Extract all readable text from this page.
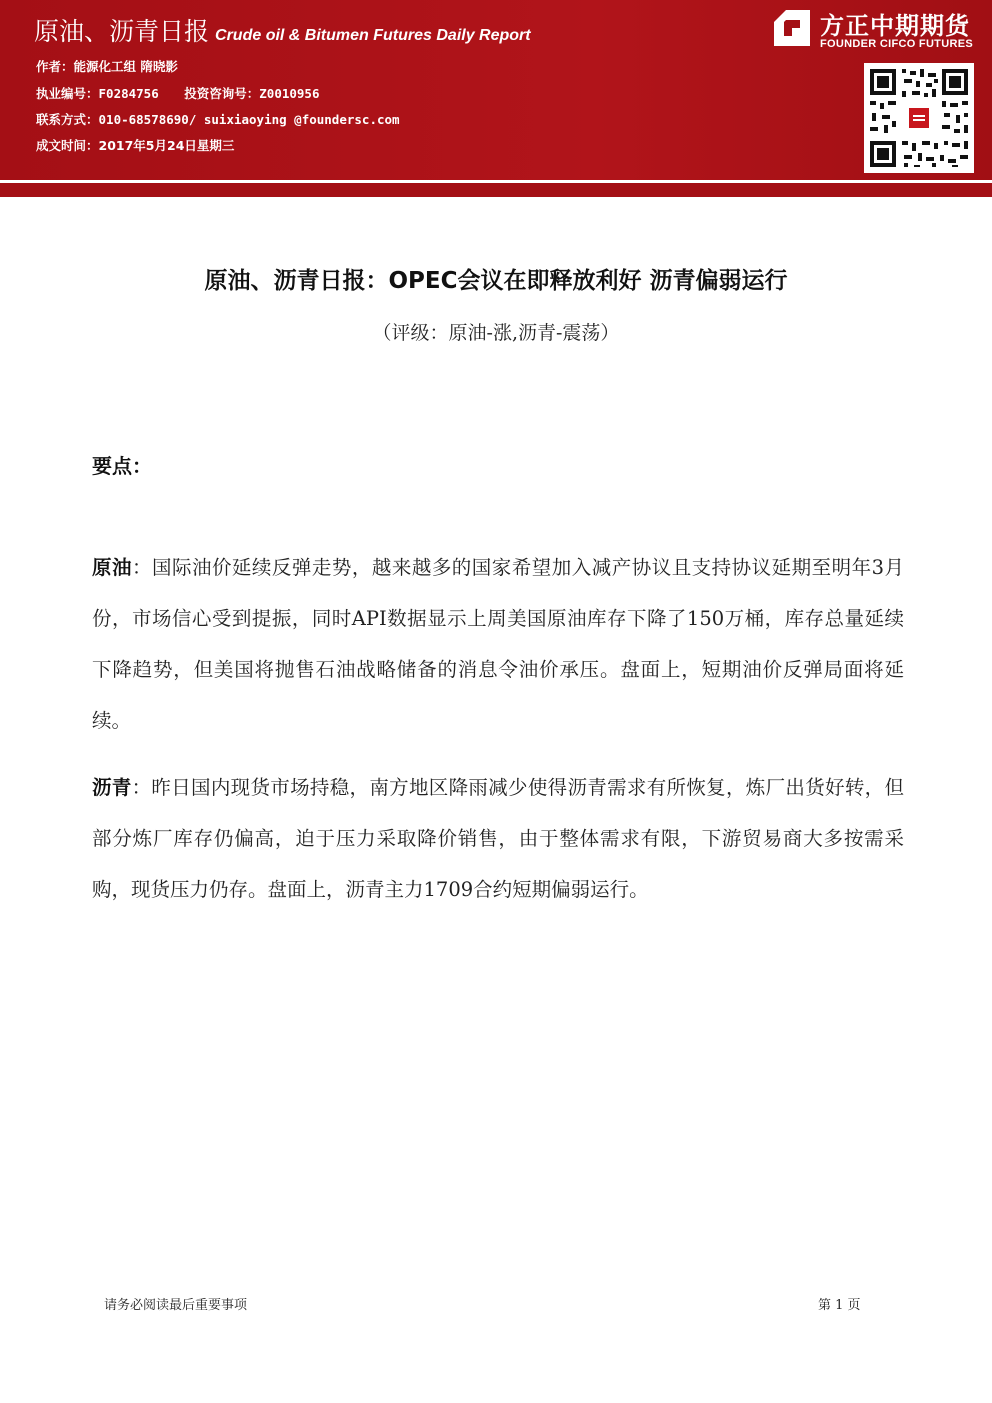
原油、沥青日报 Crude oil & Bitumen Futures Daily Report
作者：能源化工组 隋晓影
执业编号：F0284756 投资咨询号：Z0010956
联系方式：010-68578690/ suixiaoying @foundersc.com
成文时间：2017年5月24日星期三
方正中期期货
FOUNDER CIFCO FUTURES
原油、沥青日报：OPEC会议在即释放利好 沥青偏弱运行
（评级：原油-涨,沥青-震荡）
要点：
原油：国际油价延续反弹走势，越来越多的国家希望加入减产协议且支持协议延期至明年3月份，市场信心受到提振，同时API数据显示上周美国原油库存下降了150万桶，库存总量延续下降趋势，但美国将抛售石油战略储备的消息令油价承压。盘面上，短期油价反弹局面将延续。
沥青：昨日国内现货市场持稳，南方地区降雨减少使得沥青需求有所恢复，炼厂出货好转，但部分炼厂库存仍偏高，迫于压力采取降价销售，由于整体需求有限，下游贸易商大多按需采购，现货压力仍存。盘面上，沥青主力1709合约短期偏弱运行。
请务必阅读最后重要事项	第 1 页
